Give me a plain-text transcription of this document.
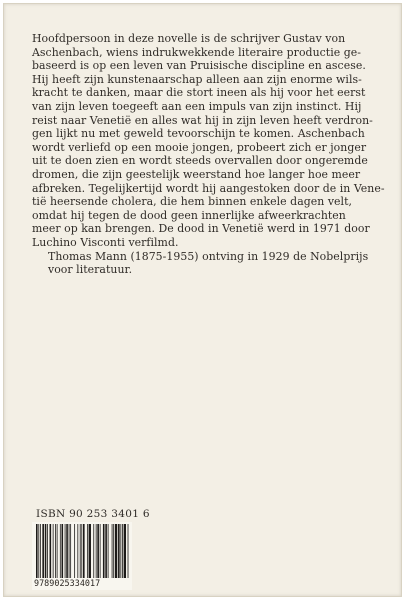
Hoofdpersoon in deze novelle is de schrijver Gustav von
Aschenbach, wiens indrukwekkende literaire productie ge-
baseerd is op een leven van Pruisische discipline en ascese.
Hij heeft zijn kunstenaarschap alleen aan zijn enorme wils-
kracht te danken, maar die stort ineen als hij voor het eerst
van zijn leven toegeeft aan een impuls van zijn instinct. Hij
reist naar Venetië en alles wat hij in zijn leven heeft verdron-
gen lijkt nu met geweld tevoorschijn te komen. Aschenbach
wordt verliefd op een mooie jongen, probeert zich er jonger
uit te doen zien en wordt steeds overvallen door ongeremde
dromen, die zijn geestelijk weerstand hoe langer hoe meer
afbreken. Tegelijkertijd wordt hij aangestoken door de in Vene-
tië heersende cholera, die hem binnen enkele dagen velt,
omdat hij tegen de dood geen innerlijke afweerkrachten
meer op kan brengen. De dood in Venetië werd in 1971 door
Luchino Visconti verfilmd.

Thomas Mann (1875-1955) ontving in 1929 de Nobelprijs
voor literatuur.

ISBN 90 253 3401 6
9789025334017
